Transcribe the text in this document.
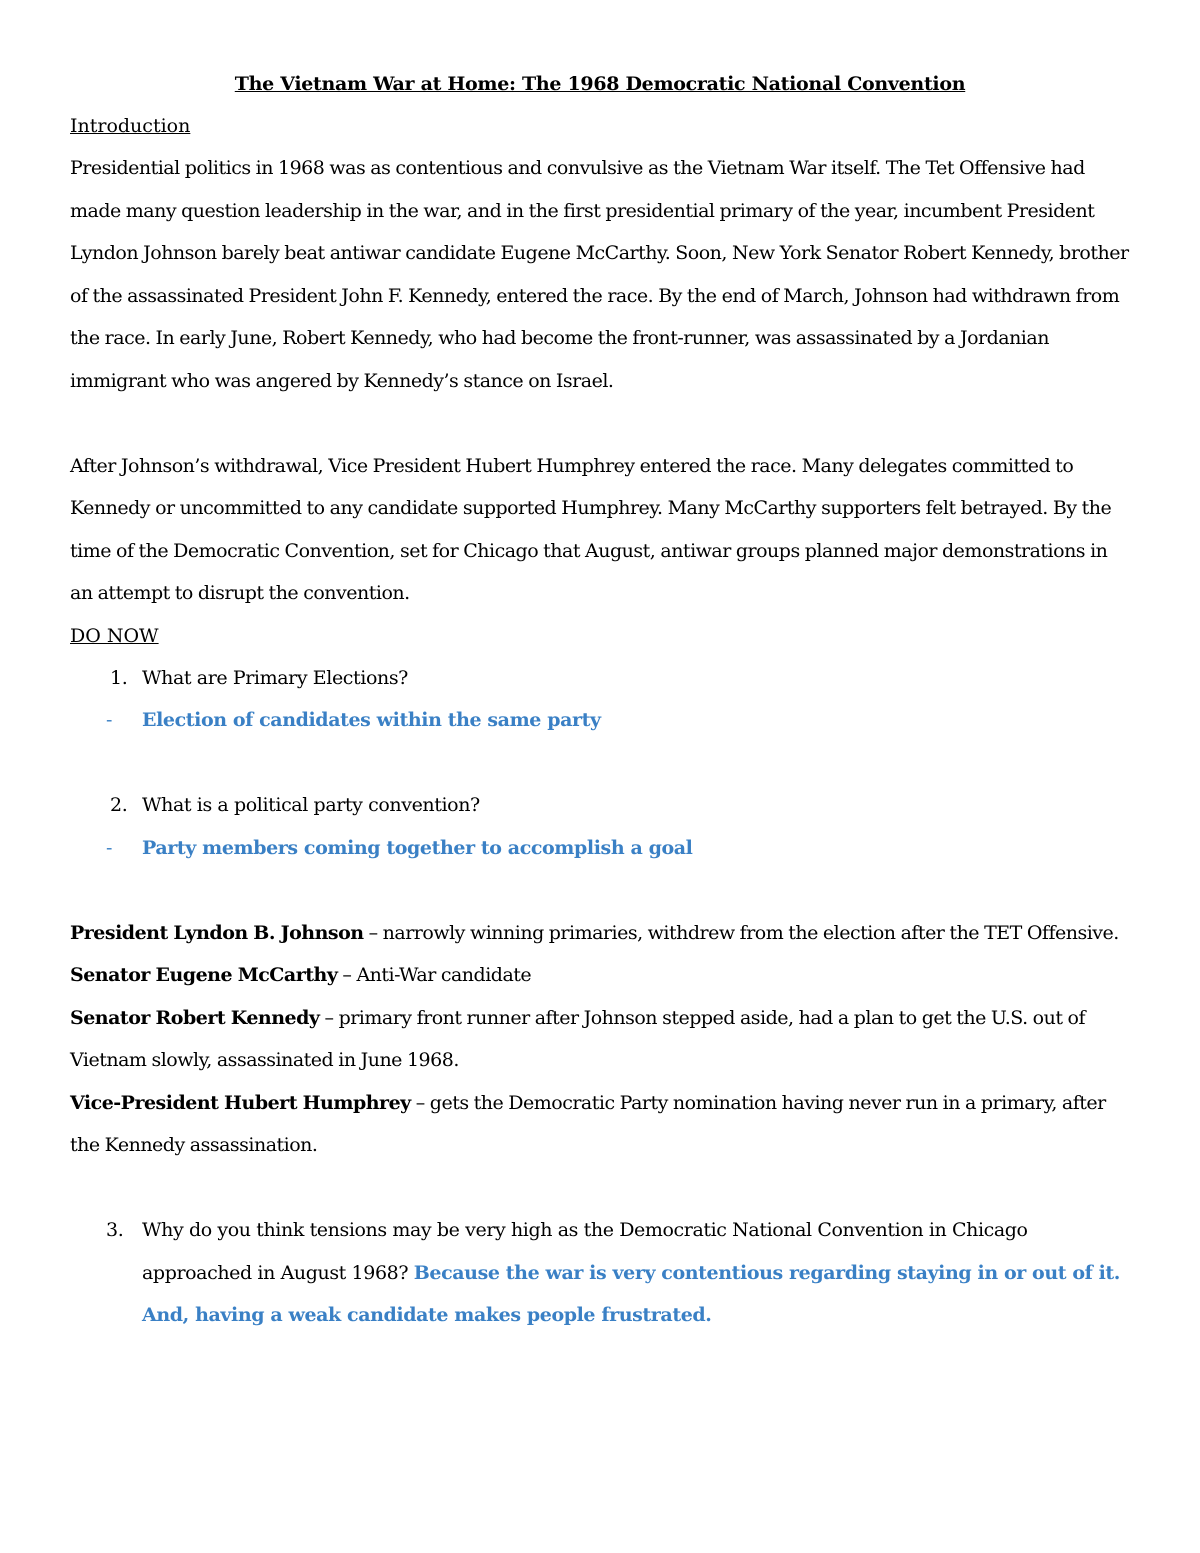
The Vietnam War at Home: The 1968 Democratic National Convention

Introduction

Presidential politics in 1968 was as contentious and convulsive as the Vietnam War itself. The Tet Offensive had made many question leadership in the war, and in the first presidential primary of the year, incumbent President Lyndon Johnson barely beat antiwar candidate Eugene McCarthy. Soon, New York Senator Robert Kennedy, brother of the assassinated President John F. Kennedy, entered the race. By the end of March, Johnson had withdrawn from the race. In early June, Robert Kennedy, who had become the front-runner, was assassinated by a Jordanian immigrant who was angered by Kennedy’s stance on Israel.

After Johnson’s withdrawal, Vice President Hubert Humphrey entered the race. Many delegates committed to Kennedy or uncommitted to any candidate supported Humphrey. Many McCarthy supporters felt betrayed. By the time of the Democratic Convention, set for Chicago that August, antiwar groups planned major demonstrations in an attempt to disrupt the convention.

DO NOW

1. What are Primary Elections?
-	Election of candidates within the same party
2. What is a political party convention?
-	Party members coming together to accomplish a goal

President Lyndon B. Johnson – narrowly winning primaries, withdrew from the election after the TET Offensive.

Senator Eugene McCarthy – Anti-War candidate

Senator Robert Kennedy – primary front runner after Johnson stepped aside, had a plan to get the U.S. out of Vietnam slowly, assassinated in June 1968.

Vice-President Hubert Humphrey – gets the Democratic Party nomination having never run in a primary, after the Kennedy assassination.

3. Why do you think tensions may be very high as the Democratic National Convention in Chicago approached in August 1968? Because the war is very contentious regarding staying in or out of it. And, having a weak candidate makes people frustrated.
